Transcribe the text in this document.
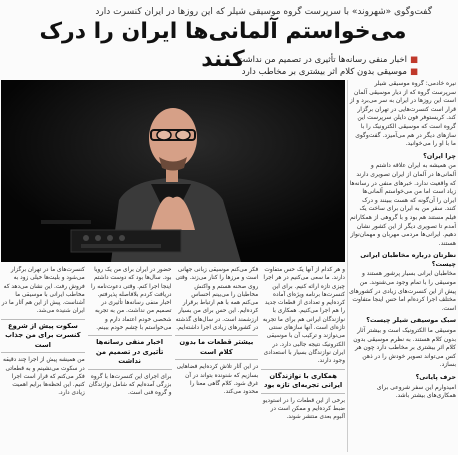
گفت‌وگوی «شهروند» با سرپرست گروه موسیقی شیلر که این روزها در ایران کنسرت دارد
می‌خواستم آلمانی‌ها ایران را درک کنند	■اخبار منفی رسانه‌ها تأثیری در تصمیم من نداشت
■موسیقی بدون کلام اثر بیشتری بر مخاطب دارد

نیره خادمی: گروه موسیقی شیلر سرپرست گروه که از دیار موسیقی آلمان است این روزها در ایران به سر می‌برد و از قرار است کنسرت‌هایی در تهران برگزار کند. کریستوفر فون دایلن سرپرست این گروه است که موسیقی الکترونیک را با سازهای دیگر در هم می‌آمیزد. گفت‌وگوی ما با او را می‌خوانید.

چرا ایران؟

من همیشه به ایران علاقه داشتم و آلمانی‌ها در آلمان از ایران تصویری دارند که واقعیت ندارد. خبرهای منفی در رسانه‌ها زیاد است اما من می‌خواستم آلمانی‌ها ایران را آن‌گونه که هست ببینند و درک کنند. سفر من به ایران برای ساخت یک فیلم مستند هم بود و با گروهی از همکارانم آمدم تا تصویری دیگر از این کشور نشان دهیم. ایرانی‌ها مردمی مهربان و مهمان‌نواز هستند.

نظرتان درباره مخاطبان ایرانی چیست؟

مخاطبان ایرانی بسیار پرشور هستند و موسیقی را با تمام وجود می‌شنوند. من پیش از این کنسرت‌های زیادی در کشورهای مختلف اجرا کرده‌ام اما حس اینجا متفاوت است.

سبک موسیقی شیلر چیست؟

موسیقی ما الکترونیک است و بیشتر آثار بدون کلام هستند. به نظرم موسیقی بدون کلام اثر بیشتری بر مخاطب دارد چون هر کس می‌تواند تصویر خودش را در ذهن بسازد.

حرف پایانی؟

امیدوارم این سفر شروعی برای همکاری‌های بیشتر باشد.

و هر کدام از آنها یک حس متفاوت دارند. ما سعی می‌کنیم در هر اجرا چیزی تازه ارائه کنیم. برای این کنسرت‌ها برنامه ویژه‌ای آماده کرده‌ایم و تعدادی از قطعات جدید را هم اجرا می‌کنیم. همکاری با نوازندگان ایرانی هم برای ما تجربه تازه‌ای است. آنها سازهای سنتی می‌نوازند و ترکیب آن با موسیقی الکترونیک نتیجه جالبی دارد. در ایران نوازندگان بسیار با استعدادی وجود دارند.

همکاری با نوازندگان ایرانی تجربه‌ای تازه بود

برخی از این قطعات را در استودیو ضبط کرده‌ایم و ممکن است در آلبوم بعدی منتشر شوند.

فکر می‌کنم موسیقی زبانی جهانی است و مرزها را کنار می‌زند. وقتی روی صحنه هستم و واکنش مخاطبان را می‌بینم احساس می‌کنم همه با هم ارتباط برقرار کرده‌ایم. این حس برای من بسیار ارزشمند است. در سال‌های گذشته در کشورهای زیادی اجرا داشته‌ایم.

بیشتر قطعات ما بدون کلام است

در این آثار تلاش کرده‌ایم فضاهایی بسازیم که شنونده بتواند در آن غرق شود. کلام گاهی معنا را محدود می‌کند.

حضور در ایران برای من یک رویا بود. سال‌ها بود که دوست داشتم اینجا اجرا کنم. وقتی دعوت‌نامه را دریافت کردم بلافاصله پذیرفتم. اخبار منفی رسانه‌ها تأثیری در تصمیم من نداشت. من به تجربه شخصی خودم اعتماد دارم و می‌خواستم با چشم خودم ببینم.

اخبار منفی رسانه‌ها تأثیری در تصمیم من نداشت

برای اجرای این کنسرت‌ها با گروه بزرگی آمده‌ایم که شامل نوازندگان و گروه فنی است.

کنسرت‌های ما در تهران برگزار می‌شود و بلیت‌ها خیلی زود به فروش رفت. این نشان می‌دهد که مخاطب ایرانی با موسیقی ما آشناست. پیش از این هم آثار ما در ایران شنیده می‌شد.

سکوت پیش از شروع کنسرت برای من جذاب است

من همیشه پیش از اجرا چند دقیقه در سکوت می‌نشینم و به قطعاتی فکر می‌کنم که قرار است اجرا کنیم. این لحظه‌ها برایم اهمیت زیادی دارد.
